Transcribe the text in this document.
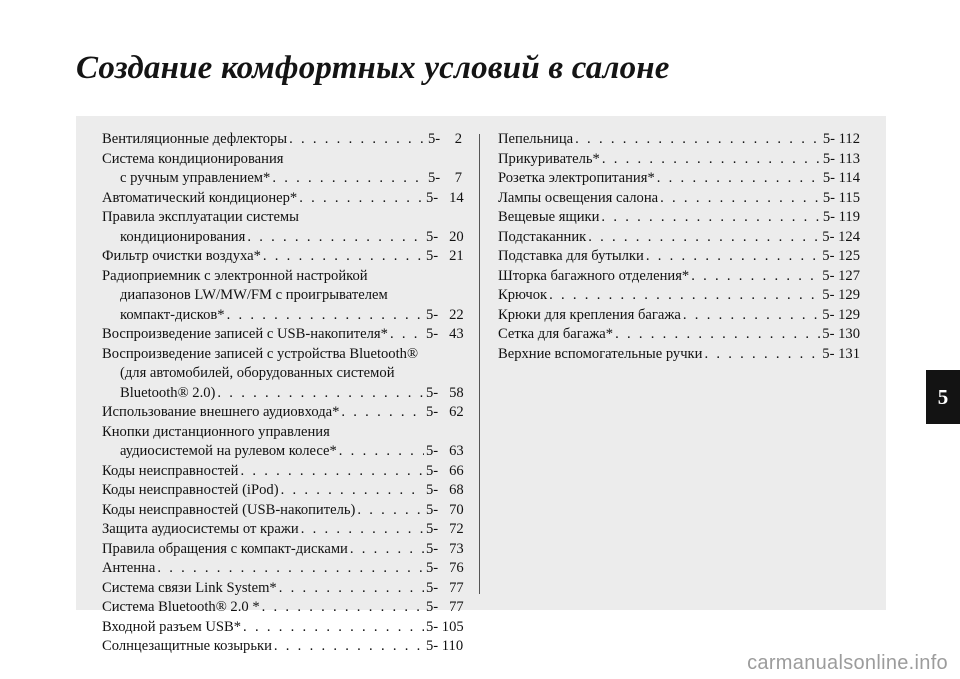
Создание комфортных условий в салоне
Вентиляционные дефлекторы . . .	5-    2
Система кондиционирования
с ручным управлением* . . .	5-    7
Автоматический кондиционер* . . .	5-   14
Правила эксплуатации системы
кондиционирования . . .	5-   20
Фильтр очистки воздуха* . . .	5-   21
Радиоприемник с электронной настройкой
диапазонов LW/MW/FM с проигрывателем
компакт-дисков* . . .	5-   22
Воспроизведение записей с USB-накопителя* . . .	5-   43
Воспроизведение записей с устройства Bluetooth®
(для автомобилей, оборудованных системой
Bluetooth® 2.0) . . .	5-   58
Использование внешнего аудиовхода* . . .	5-   62
Кнопки дистанционного управления
аудиосистемой на рулевом колесе* . . .	5-   63
Коды неисправностей . . .	5-   66
Коды неисправностей (iPod) . . .	5-   68
Коды неисправностей (USB-накопитель) . . .	5-   70
Защита аудиосистемы от кражи . . .	5-   72
Правила обращения с компакт-дисками . . .	5-   73
Антенна . . .	5-   76
Система связи Link System* . . .	5-   77
Система Bluetooth® 2.0 * . . .	5-   77
Входной разъем USB* . . .	5- 105
Солнцезащитные козырьки . . .	5- 110
Пепельница . . .	5- 112
Прикуриватель* . . .	5- 113
Розетка электропитания* . . .	5- 114
Лампы освещения салона . . .	5- 115
Вещевые ящики . . .	5- 119
Подстаканник . . .	5- 124
Подставка для бутылки . . .	5- 125
Шторка багажного отделения* . . .	5- 127
Крючок . . .	5- 129
Крюки для крепления багажа . . .	5- 129
Сетка для багажа* . . .	5- 130
Верхние вспомогательные ручки . . .	5- 131
5
carmanualsonline.info
